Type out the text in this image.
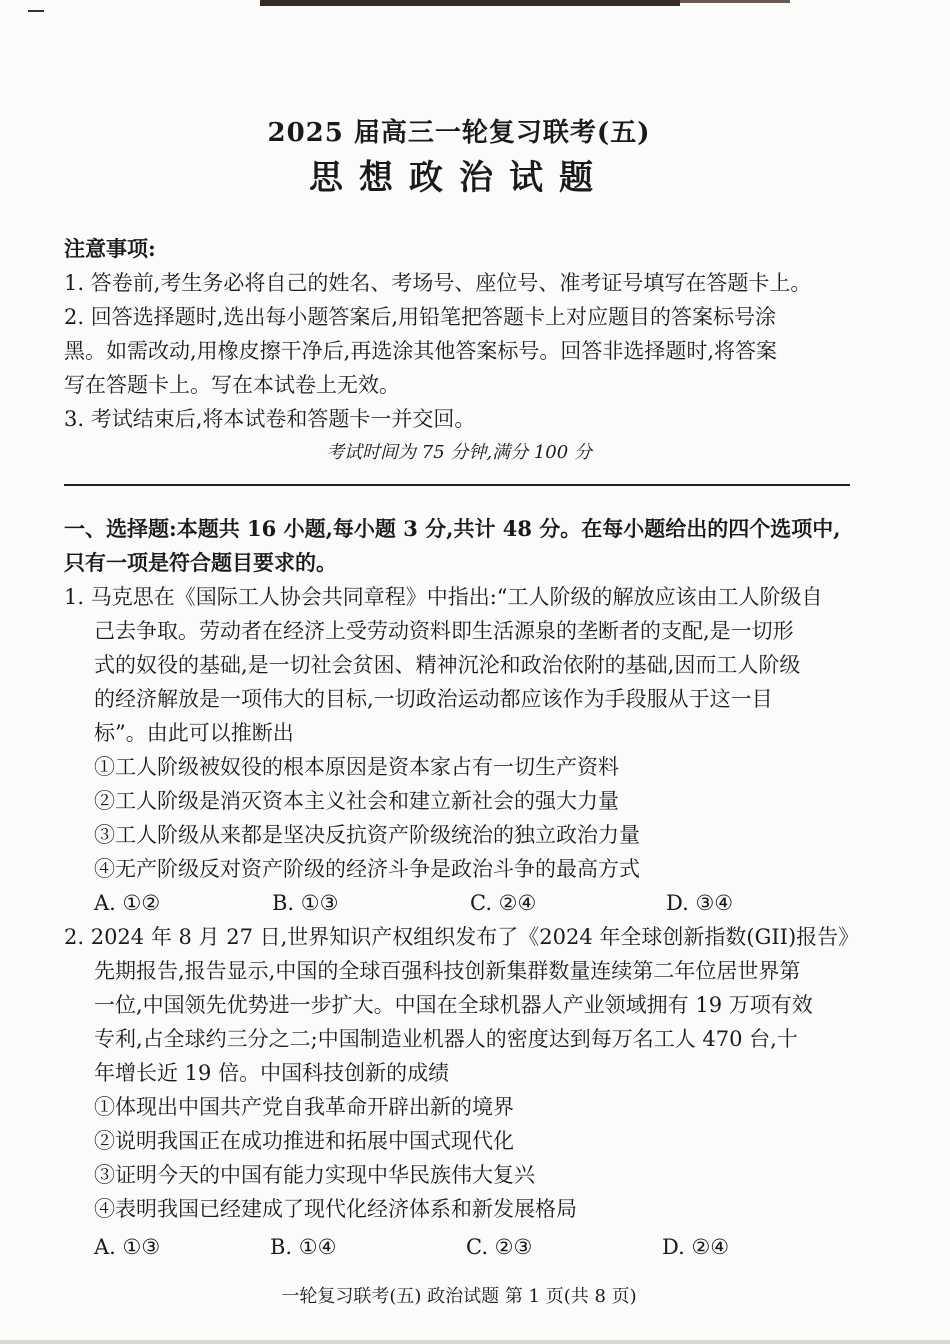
2025 届高三一轮复习联考(五)
思想政治试题
注意事项:
1. 答卷前,考生务必将自己的姓名、考场号、座位号、准考证号填写在答题卡上。
2. 回答选择题时,选出每小题答案后,用铅笔把答题卡上对应题目的答案标号涂
黑。如需改动,用橡皮擦干净后,再选涂其他答案标号。回答非选择题时,将答案
写在答题卡上。写在本试卷上无效。
3. 考试结束后,将本试卷和答题卡一并交回。
考试时间为 75 分钟,满分 100 分
一、选择题:本题共 16 小题,每小题 3 分,共计 48 分。在每小题给出的四个选项中,
只有一项是符合题目要求的。
1. 马克思在《国际工人协会共同章程》中指出:“工人阶级的解放应该由工人阶级自
己去争取。劳动者在经济上受劳动资料即生活源泉的垄断者的支配,是一切形
式的奴役的基础,是一切社会贫困、精神沉沦和政治依附的基础,因而工人阶级
的经济解放是一项伟大的目标,一切政治运动都应该作为手段服从于这一目
标”。由此可以推断出
①工人阶级被奴役的根本原因是资本家占有一切生产资料
②工人阶级是消灭资本主义社会和建立新社会的强大力量
③工人阶级从来都是坚决反抗资产阶级统治的独立政治力量
④无产阶级反对资产阶级的经济斗争是政治斗争的最高方式
A. ①②	B. ①③	C. ②④	D. ③④
2. 2024 年 8 月 27 日,世界知识产权组织发布了《2024 年全球创新指数(GII)报告》
先期报告,报告显示,中国的全球百强科技创新集群数量连续第二年位居世界第
一位,中国领先优势进一步扩大。中国在全球机器人产业领域拥有 19 万项有效
专利,占全球约三分之二;中国制造业机器人的密度达到每万名工人 470 台,十
年增长近 19 倍。中国科技创新的成绩
①体现出中国共产党自我革命开辟出新的境界
②说明我国正在成功推进和拓展中国式现代化
③证明今天的中国有能力实现中华民族伟大复兴
④表明我国已经建成了现代化经济体系和新发展格局
A. ①③	B. ①④	C. ②③	D. ②④
一轮复习联考(五) 政治试题 第 1 页(共 8 页)
